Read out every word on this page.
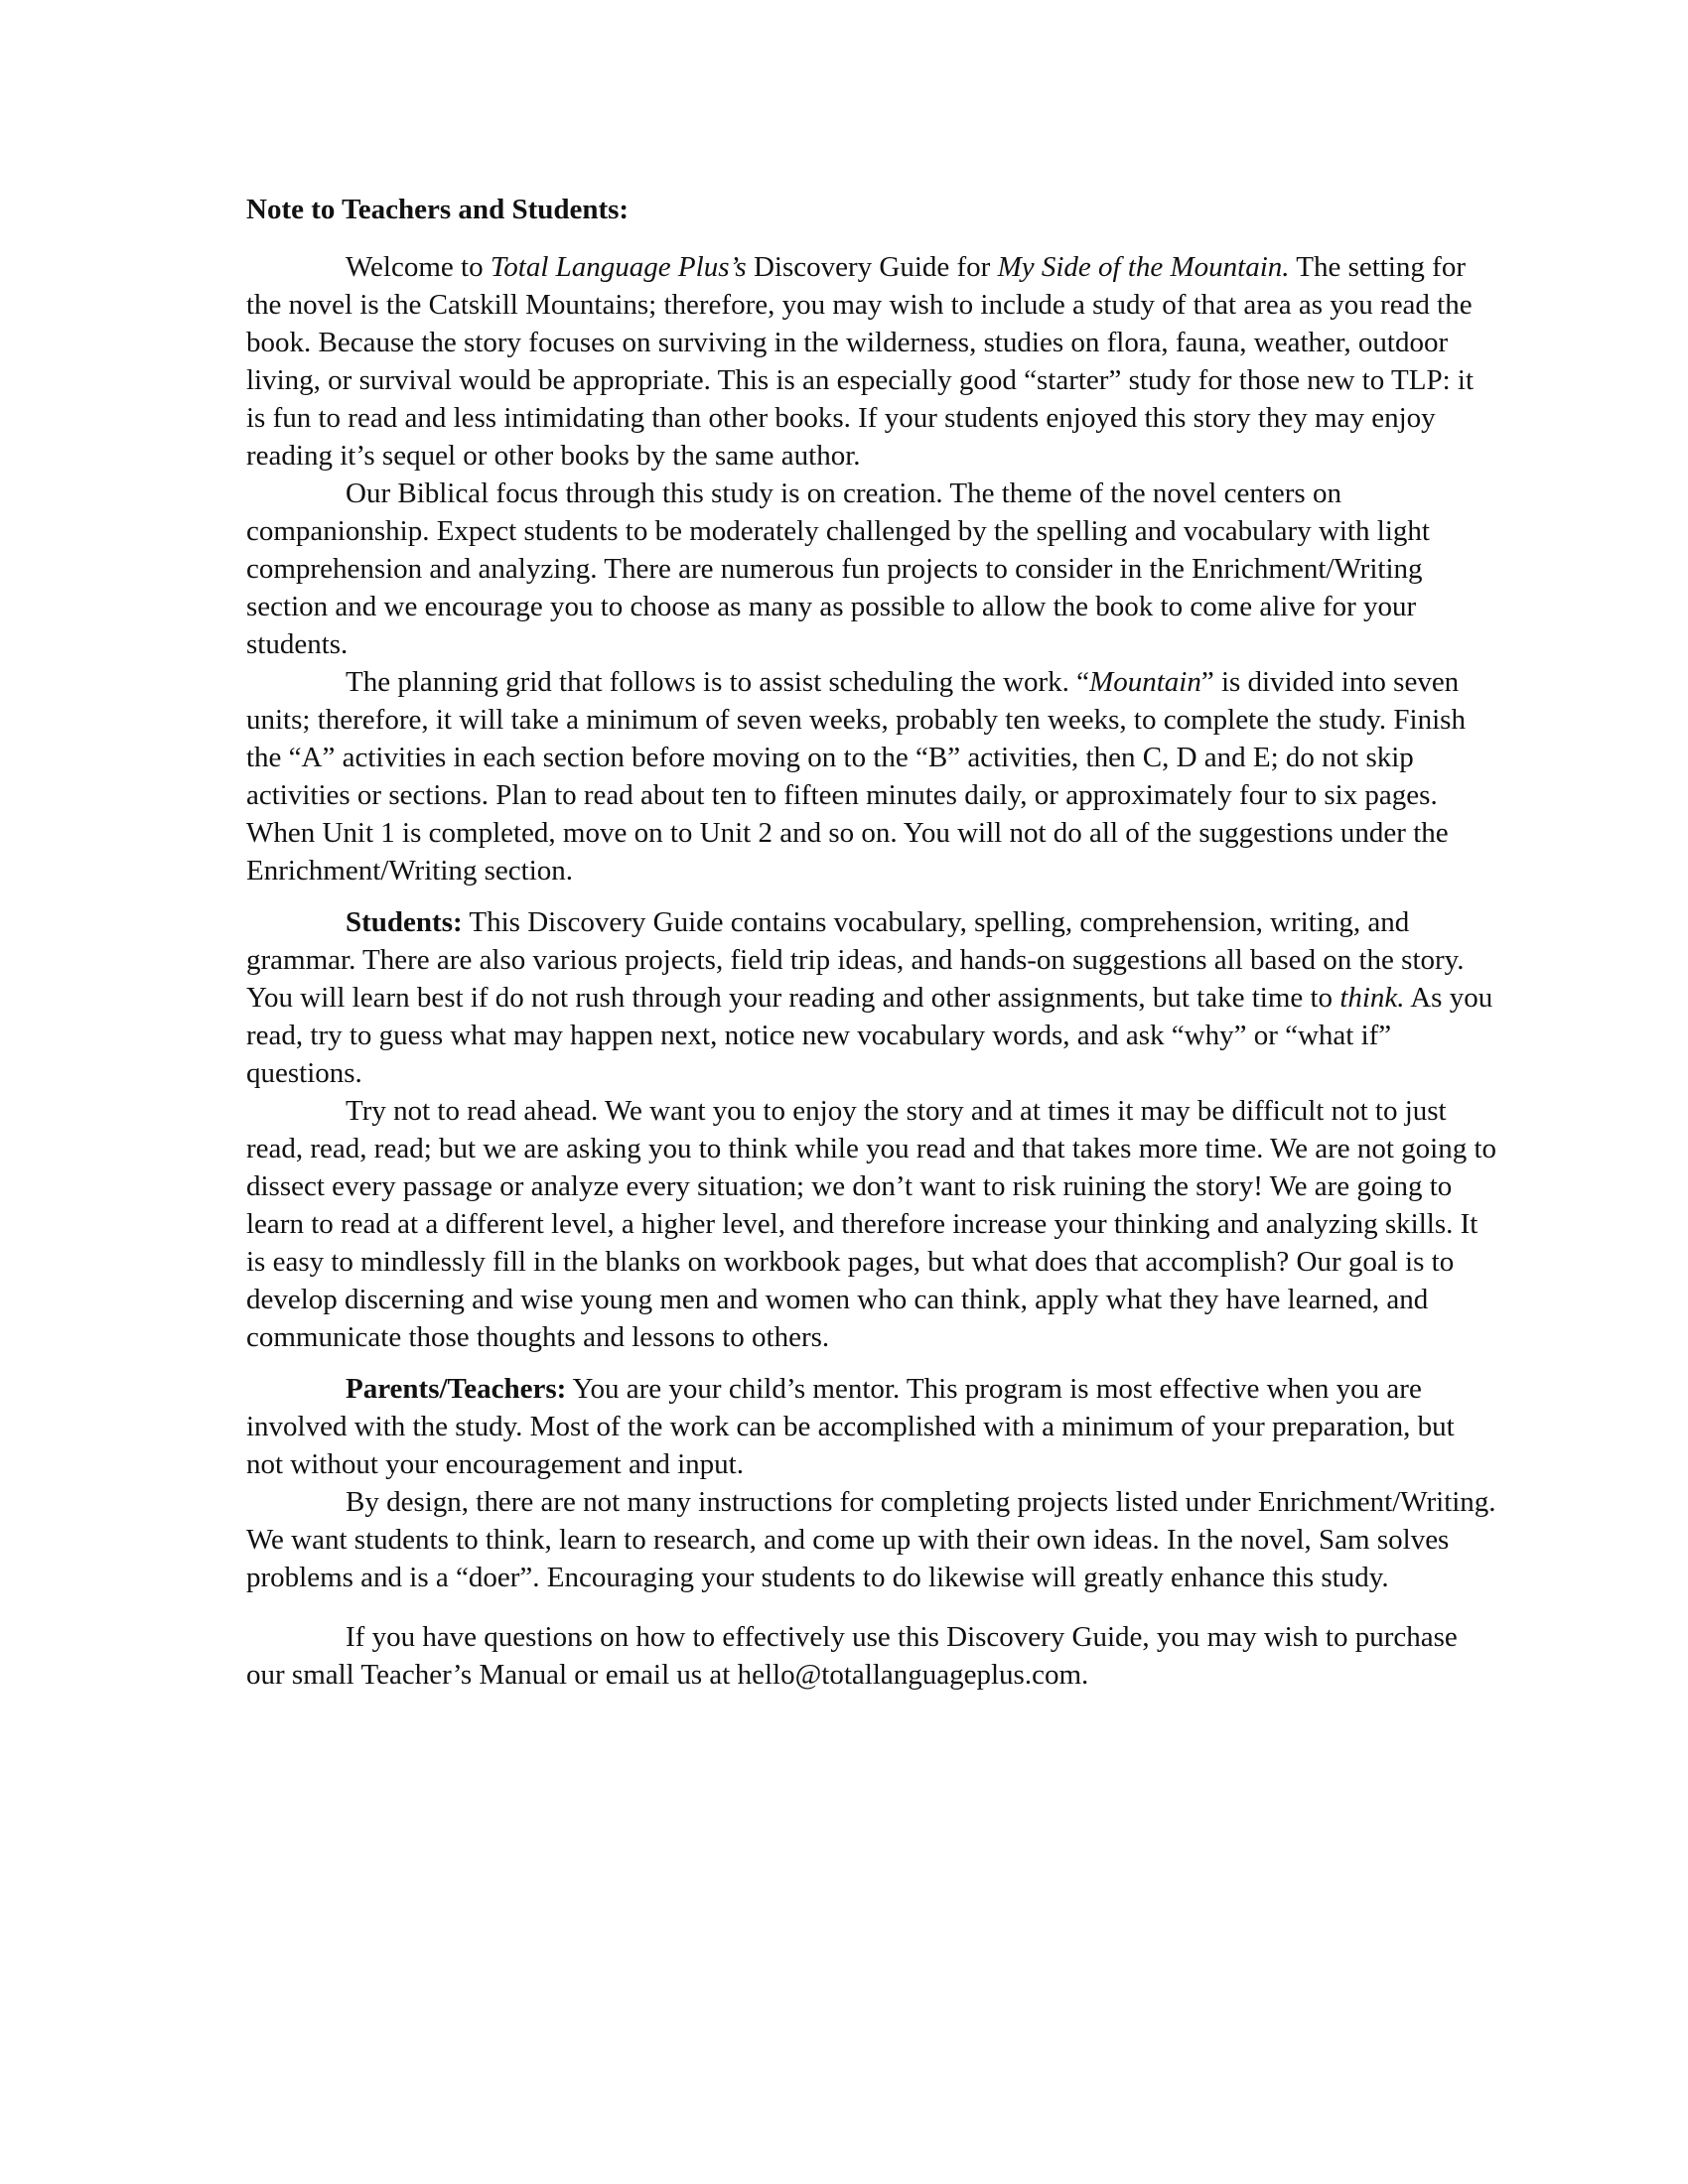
Note to Teachers and Students:

Welcome to Total Language Plus’s Discovery Guide for My Side of the Mountain. The setting for the novel is the Catskill Mountains; therefore, you may wish to include a study of that area as you read the book. Because the story focuses on surviving in the wilderness, studies on flora, fauna, weather, outdoor living, or survival would be appropriate. This is an especially good “starter” study for those new to TLP: it is fun to read and less intimidating than other books. If your students enjoyed this story they may enjoy reading it’s sequel or other books by the same author.

Our Biblical focus through this study is on creation. The theme of the novel centers on companionship. Expect students to be moderately challenged by the spelling and vocabulary with light comprehension and analyzing. There are numerous fun projects to consider in the Enrichment/Writing section and we encourage you to choose as many as possible to allow the book to come alive for your students.

The planning grid that follows is to assist scheduling the work. “Mountain” is divided into seven units; therefore, it will take a minimum of seven weeks, probably ten weeks, to complete the study. Finish the “A” activities in each section before moving on to the “B” activities, then C, D and E; do not skip activities or sections. Plan to read about ten to fifteen minutes daily, or approximately four to six pages. When Unit 1 is completed, move on to Unit 2 and so on. You will not do all of the suggestions under the Enrichment/Writing section.

Students: This Discovery Guide contains vocabulary, spelling, comprehension, writing, and grammar. There are also various projects, field trip ideas, and hands-on suggestions all based on the story. You will learn best if do not rush through your reading and other assignments, but take time to think. As you read, try to guess what may happen next, notice new vocabulary words, and ask “why” or “what if” questions.

Try not to read ahead. We want you to enjoy the story and at times it may be difficult not to just read, read, read; but we are asking you to think while you read and that takes more time. We are not going to dissect every passage or analyze every situation; we don’t want to risk ruining the story! We are going to learn to read at a different level, a higher level, and therefore increase your thinking and analyzing skills. It is easy to mindlessly fill in the blanks on workbook pages, but what does that accomplish? Our goal is to develop discerning and wise young men and women who can think, apply what they have learned, and communicate those thoughts and lessons to others.

Parents/Teachers: You are your child’s mentor. This program is most effective when you are involved with the study. Most of the work can be accomplished with a minimum of your preparation, but not without your encouragement and input.

By design, there are not many instructions for completing projects listed under Enrichment/Writing. We want students to think, learn to research, and come up with their own ideas. In the novel, Sam solves problems and is a “doer”. Encouraging your students to do likewise will greatly enhance this study.

If you have questions on how to effectively use this Discovery Guide, you may wish to purchase our small Teacher’s Manual or email us at hello@totallanguageplus.com.
